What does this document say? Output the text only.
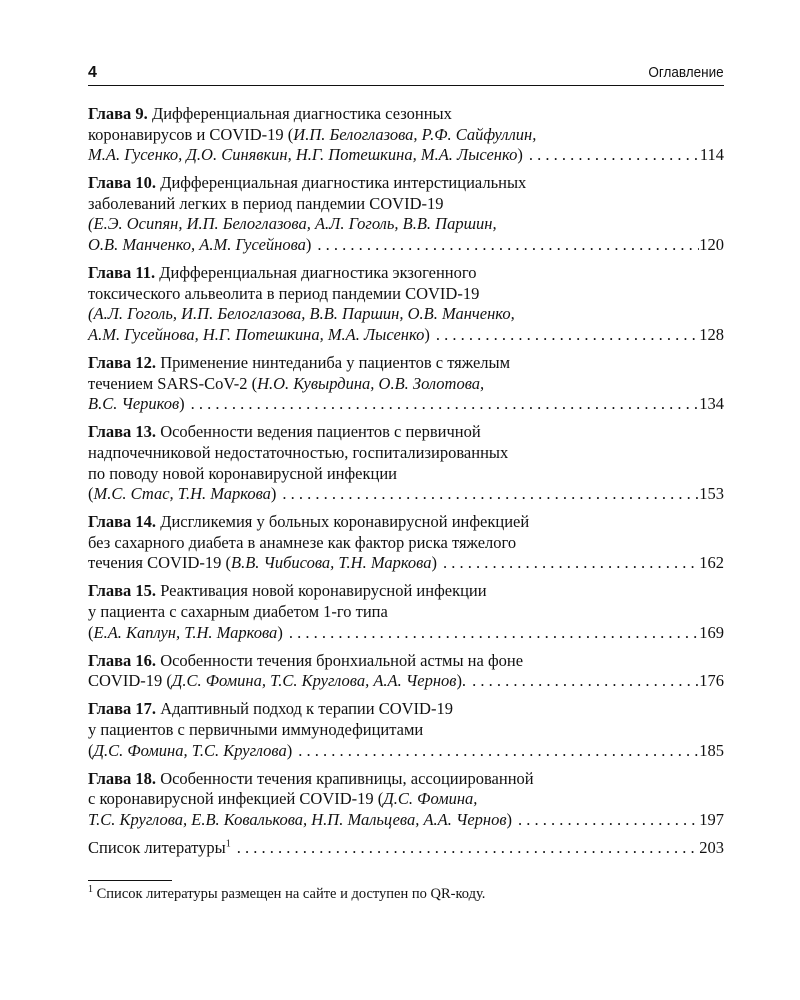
4	Оглавление
Глава 9. Дифференциальная диагностика сезонных
коронавирусов и COVID-19 (И.П. Белоглазова, Р.Ф. Сайфуллин,
М.А. Гусенко, Д.О. Синявкин, Н.Г. Потешкина, М.А. Лысенко) . . .	114
Глава 10. Дифференциальная диагностика интерстициальных
заболеваний легких в период пандемии COVID-19
(Е.Э. Осипян, И.П. Белоглазова, А.Л. Гоголь, В.В. Паршин,
О.В. Манченко, А.М. Гусейнова) . . .	120
Глава 11. Дифференциальная диагностика экзогенного
токсического альвеолита в период пандемии COVID-19
(А.Л. Гоголь, И.П. Белоглазова, В.В. Паршин, О.В. Манченко,
А.М. Гусейнова, Н.Г. Потешкина, М.А. Лысенко) . . .	128
Глава 12. Применение нинтеданиба у пациентов с тяжелым
течением SARS-CoV-2 (Н.О. Кувырдина, О.В. Золотова,
В.С. Чериков) . . .	134
Глава 13. Особенности ведения пациентов с первичной
надпочечниковой недостаточностью, госпитализированных
по поводу новой коронавирусной инфекции
(М.С. Стас, Т.Н. Маркова) . . .	153
Глава 14. Дисгликемия у больных коронавирусной инфекцией
без сахарного диабета в анамнезе как фактор риска тяжелого
течения COVID-19 (В.В. Чибисова, Т.Н. Маркова) . . .	162
Глава 15. Реактивация новой коронавирусной инфекции
у пациента с сахарным диабетом 1-го типа
(Е.А. Каплун, Т.Н. Маркова) . . .	169
Глава 16. Особенности течения бронхиальной астмы на фоне
COVID-19 (Д.С. Фомина, Т.С. Круглова, А.А. Чернов). . . .	176
Глава 17. Адаптивный подход к терапии COVID-19
у пациентов с первичными иммунодефицитами
(Д.С. Фомина, Т.С. Круглова) . . .	185
Глава 18. Особенности течения крапивницы, ассоциированной
с коронавирусной инфекцией COVID-19 (Д.С. Фомина,
Т.С. Круглова, Е.В. Ковалькова, Н.П. Мальцева, А.А. Чернов) . . .	197
Список литературы$^1$ . . .	203
$^1$ Список литературы размещен на сайте и доступен по QR-коду.
